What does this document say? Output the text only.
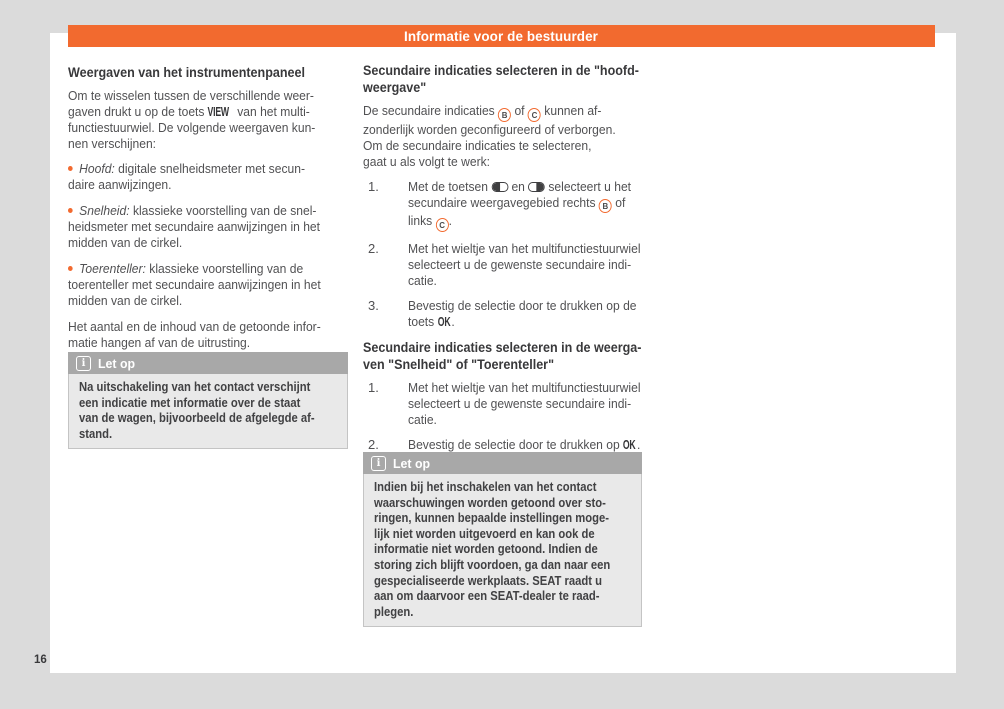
Informatie voor de bestuurder
Weergaven van het instrumentenpaneel
Om te wisselen tussen de verschillende weer-
gaven drukt u op de toets VIEW van het multi-
functiestuurwiel. De volgende weergaven kun-
nen verschijnen:
Hoofd: digitale snelheidsmeter met secun-
daire aanwijzingen.
Snelheid: klassieke voorstelling van de snel-
heidsmeter met secundaire aanwijzingen in het
midden van de cirkel.
Toerenteller: klassieke voorstelling van de
toerenteller met secundaire aanwijzingen in het
midden van de cirkel.
Het aantal en de inhoud van de getoonde infor-
matie hangen af van de uitrusting.
Secundaire indicaties selecteren in de "hoofd-
weergave"
De secundaire indicaties B of C kunnen af-
zonderlijk worden geconfigureerd of verborgen.
Om de secundaire indicaties te selecteren,
gaat u als volgt te werk:
1.	Met de toetsen
en
selecteert u het
secundaire weergavegebied rechts B of
links C .
2.	Met het wieltje van het multifunctiestuurwiel
selecteert u de gewenste secundaire indi-
catie.
3.	Bevestig de selectie door te drukken op de
toets OK.
Secundaire indicaties selecteren in de weerga-
ven "Snelheid" of "Toerenteller"
1.	Met het wieltje van het multifunctiestuurwiel
selecteert u de gewenste secundaire indi-
catie.
2.	Bevestig de selectie door te drukken op OK.
i Let op
Na uitschakeling van het contact verschijnt
een indicatie met informatie over de staat
van de wagen, bijvoorbeeld de afgelegde af-
stand.
i Let op
Indien bij het inschakelen van het contact
waarschuwingen worden getoond over sto-
ringen, kunnen bepaalde instellingen moge-
lijk niet worden uitgevoerd en kan ook de
informatie niet worden getoond. Indien de
storing zich blijft voordoen, ga dan naar een
gespecialiseerde werkplaats. SEAT raadt u
aan om daarvoor een SEAT-dealer te raad-
plegen.
16
